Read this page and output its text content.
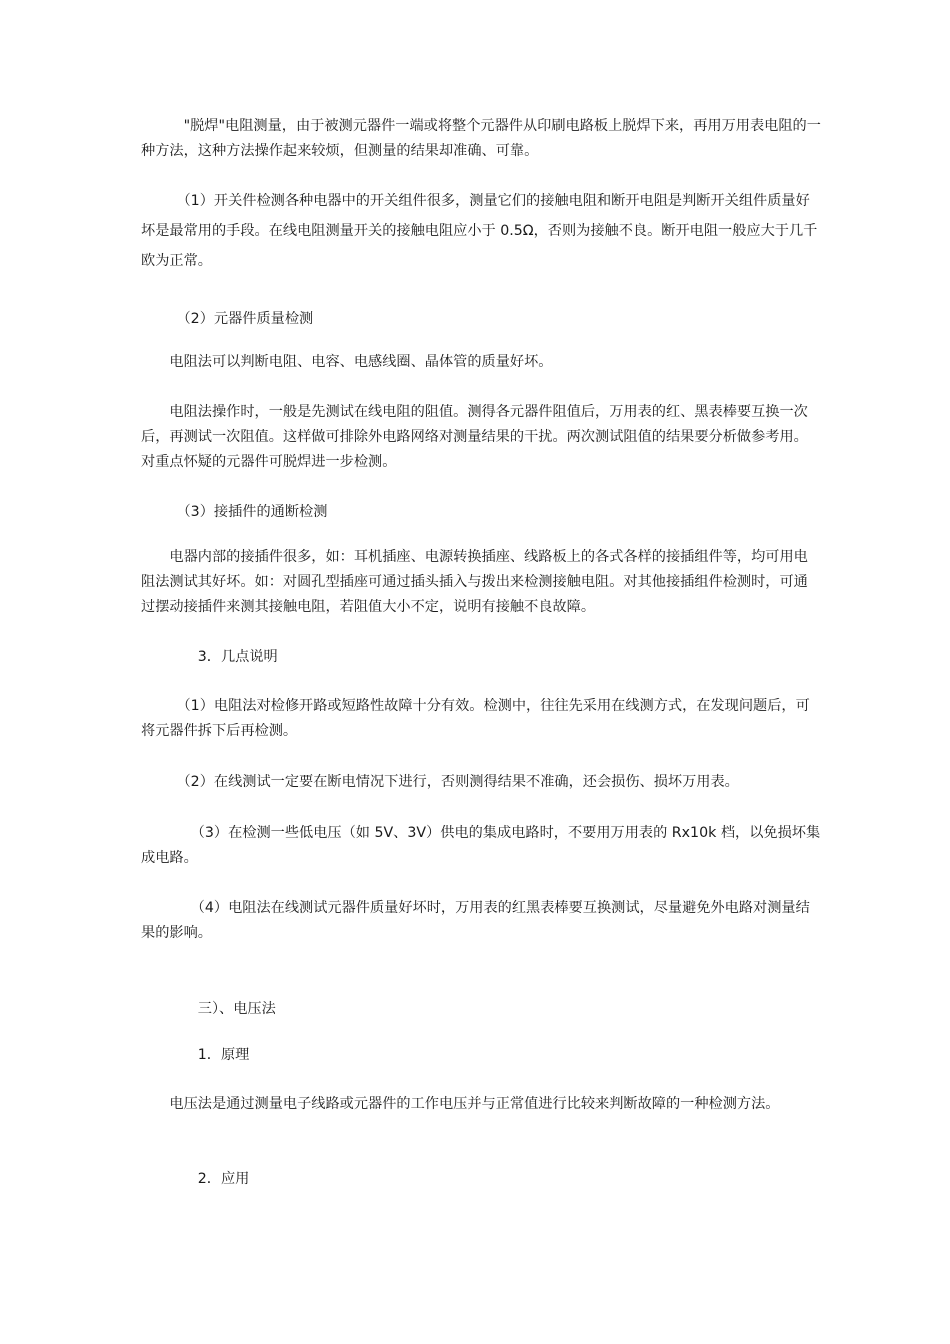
　　　"脱焊"电阻测量，由于被测元器件一端或将整个元器件从印刷电路板上脱焊下来，再用万用表电阻的一种方法，这种方法操作起来较烦，但测量的结果却准确、可靠。

　　　（1）开关件检测各种电器中的开关组件很多，测量它们的接触电阻和断开电阻是判断开关组件质量好坏是最常用的手段。在线电阻测量开关的接触电阻应小于 0.5Ω，否则为接触不良。断开电阻一般应大于几千欧为正常。

　　　（2）元器件质量检测

　　电阻法可以判断电阻、电容、电感线圈、晶体管的质量好坏。

　　电阻法操作时，一般是先测试在线电阻的阻值。测得各元器件阻值后，万用表的红、黑表棒要互换一次后，再测试一次阻值。这样做可排除外电路网络对测量结果的干扰。两次测试阻值的结果要分析做参考用。对重点怀疑的元器件可脱焊进一步检测。

　　　（3）接插件的通断检测

　　电器内部的接插件很多，如：耳机插座、电源转换插座、线路板上的各式各样的接插组件等，均可用电阻法测试其好坏。如：对圆孔型插座可通过插头插入与拨出来检测接触电阻。对其他接插组件检测时，可通过摆动接插件来测其接触电阻，若阻值大小不定，说明有接触不良故障。

　　　　3．几点说明

　　　（1）电阻法对检修开路或短路性故障十分有效。检测中，往往先采用在线测方式，在发现问题后，可将元器件拆下后再检测。

　　　（2）在线测试一定要在断电情况下进行，否则测得结果不准确，还会损伤、损坏万用表。

　　　　（3）在检测一些低电压（如 5V、3V）供电的集成电路时，不要用万用表的 Rx10k 档，以免损坏集成电路。

　　　　（4）电阻法在线测试元器件质量好坏时，万用表的红黑表棒要互换测试，尽量避免外电路对测量结果的影响。

　　　　三）、电压法

　　　　1．原理

　　电压法是通过测量电子线路或元器件的工作电压并与正常值进行比较来判断故障的一种检测方法。

　　　　2．应用
